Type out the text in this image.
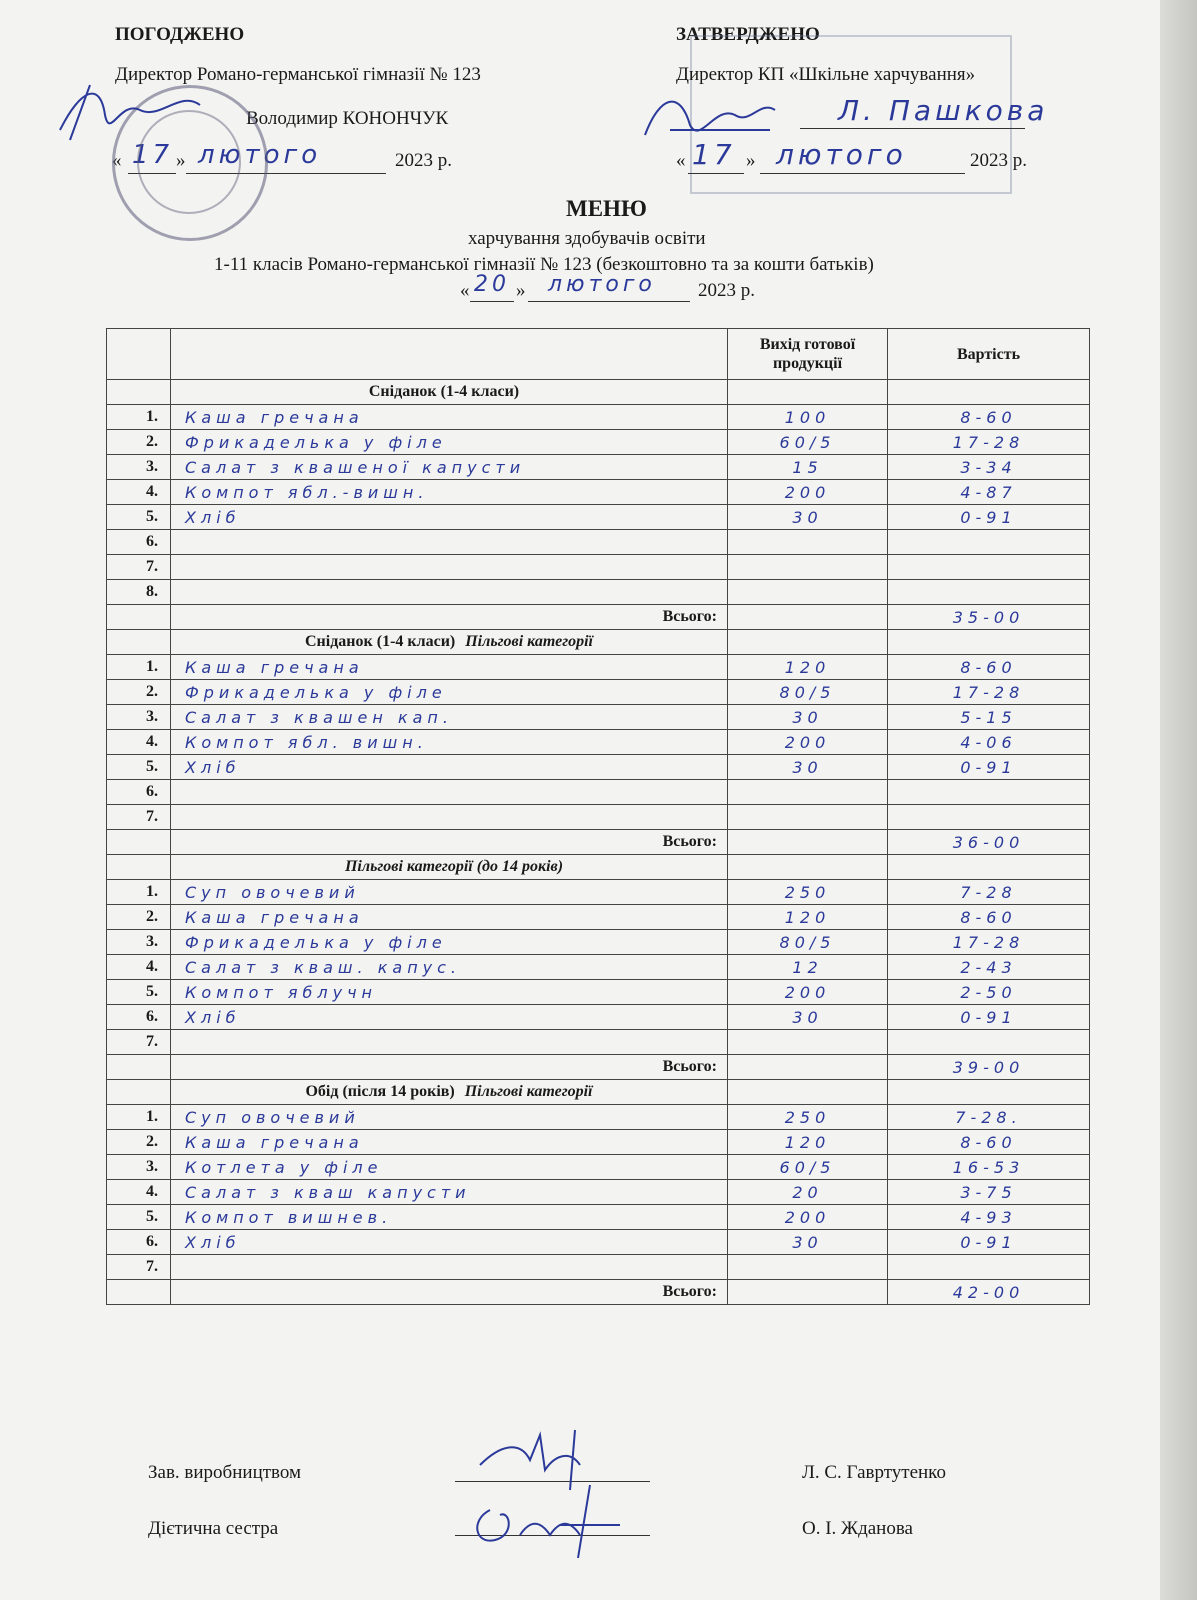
ПОГОДЖЕНО
Директор Романо-германської гімназії № 123
Володимир КОНОНЧУК
« 17 » лютого	2023 р.
ЗАТВЕРДЖЕНО
Директор КП «Шкільне харчування»
Л. Пашкова
« 17 » лютого	2023 р.
МЕНЮ
харчування здобувачів освіти
1-11 класів Романо-германської гімназії № 123 (безкоштовно та за кошти батьків)
« 20 » лютого 2023 р.
		Вихід готової продукції	Вартість
	Сніданок (1-4 класи)		
1.	Каша гречана	100	8-60
2.	Фрикаделька у філе	60/5	17-28
3.	Салат з квашеної капусти	15	3-34
4.	Компот ябл.-вишн.	200	4-87
5.	Хліб	30	0-91
6.			
7.			
8.			
	Всього:		35-00
	Сніданок (1-4 класи) Пільгові категорії		
1.	Каша гречана	120	8-60
2.	Фрикаделька у філе	80/5	17-28
3.	Салат з квашен кап.	30	5-15
4.	Компот ябл. вишн.	200	4-06
5.	Хліб	30	0-91
6.			
7.			
	Всього:		36-00
	Пільгові категорії (до 14 років)		
1.	Суп овочевий	250	7-28
2.	Каша гречана	120	8-60
3.	Фрикаделька у філе	80/5	17-28
4.	Салат з кваш. капус.	12	2-43
5.	Компот яблучн	200	2-50
6.	Хліб	30	0-91
7.			
	Всього:		39-00
	Обід (після 14 років) Пільгові категорії		
1.	Суп овочевий	250	7-28.
2.	Каша гречана	120	8-60
3.	Котлета у філе	60/5	16-53
4.	Салат з кваш капусти	20	3-75
5.	Компот вишнев.	200	4-93
6.	Хліб	30	0-91
7.			
	Всього:		42-00
Зав. виробництвом	Л. С. Гавртутенко
Дієтична сестра	О. І. Жданова
